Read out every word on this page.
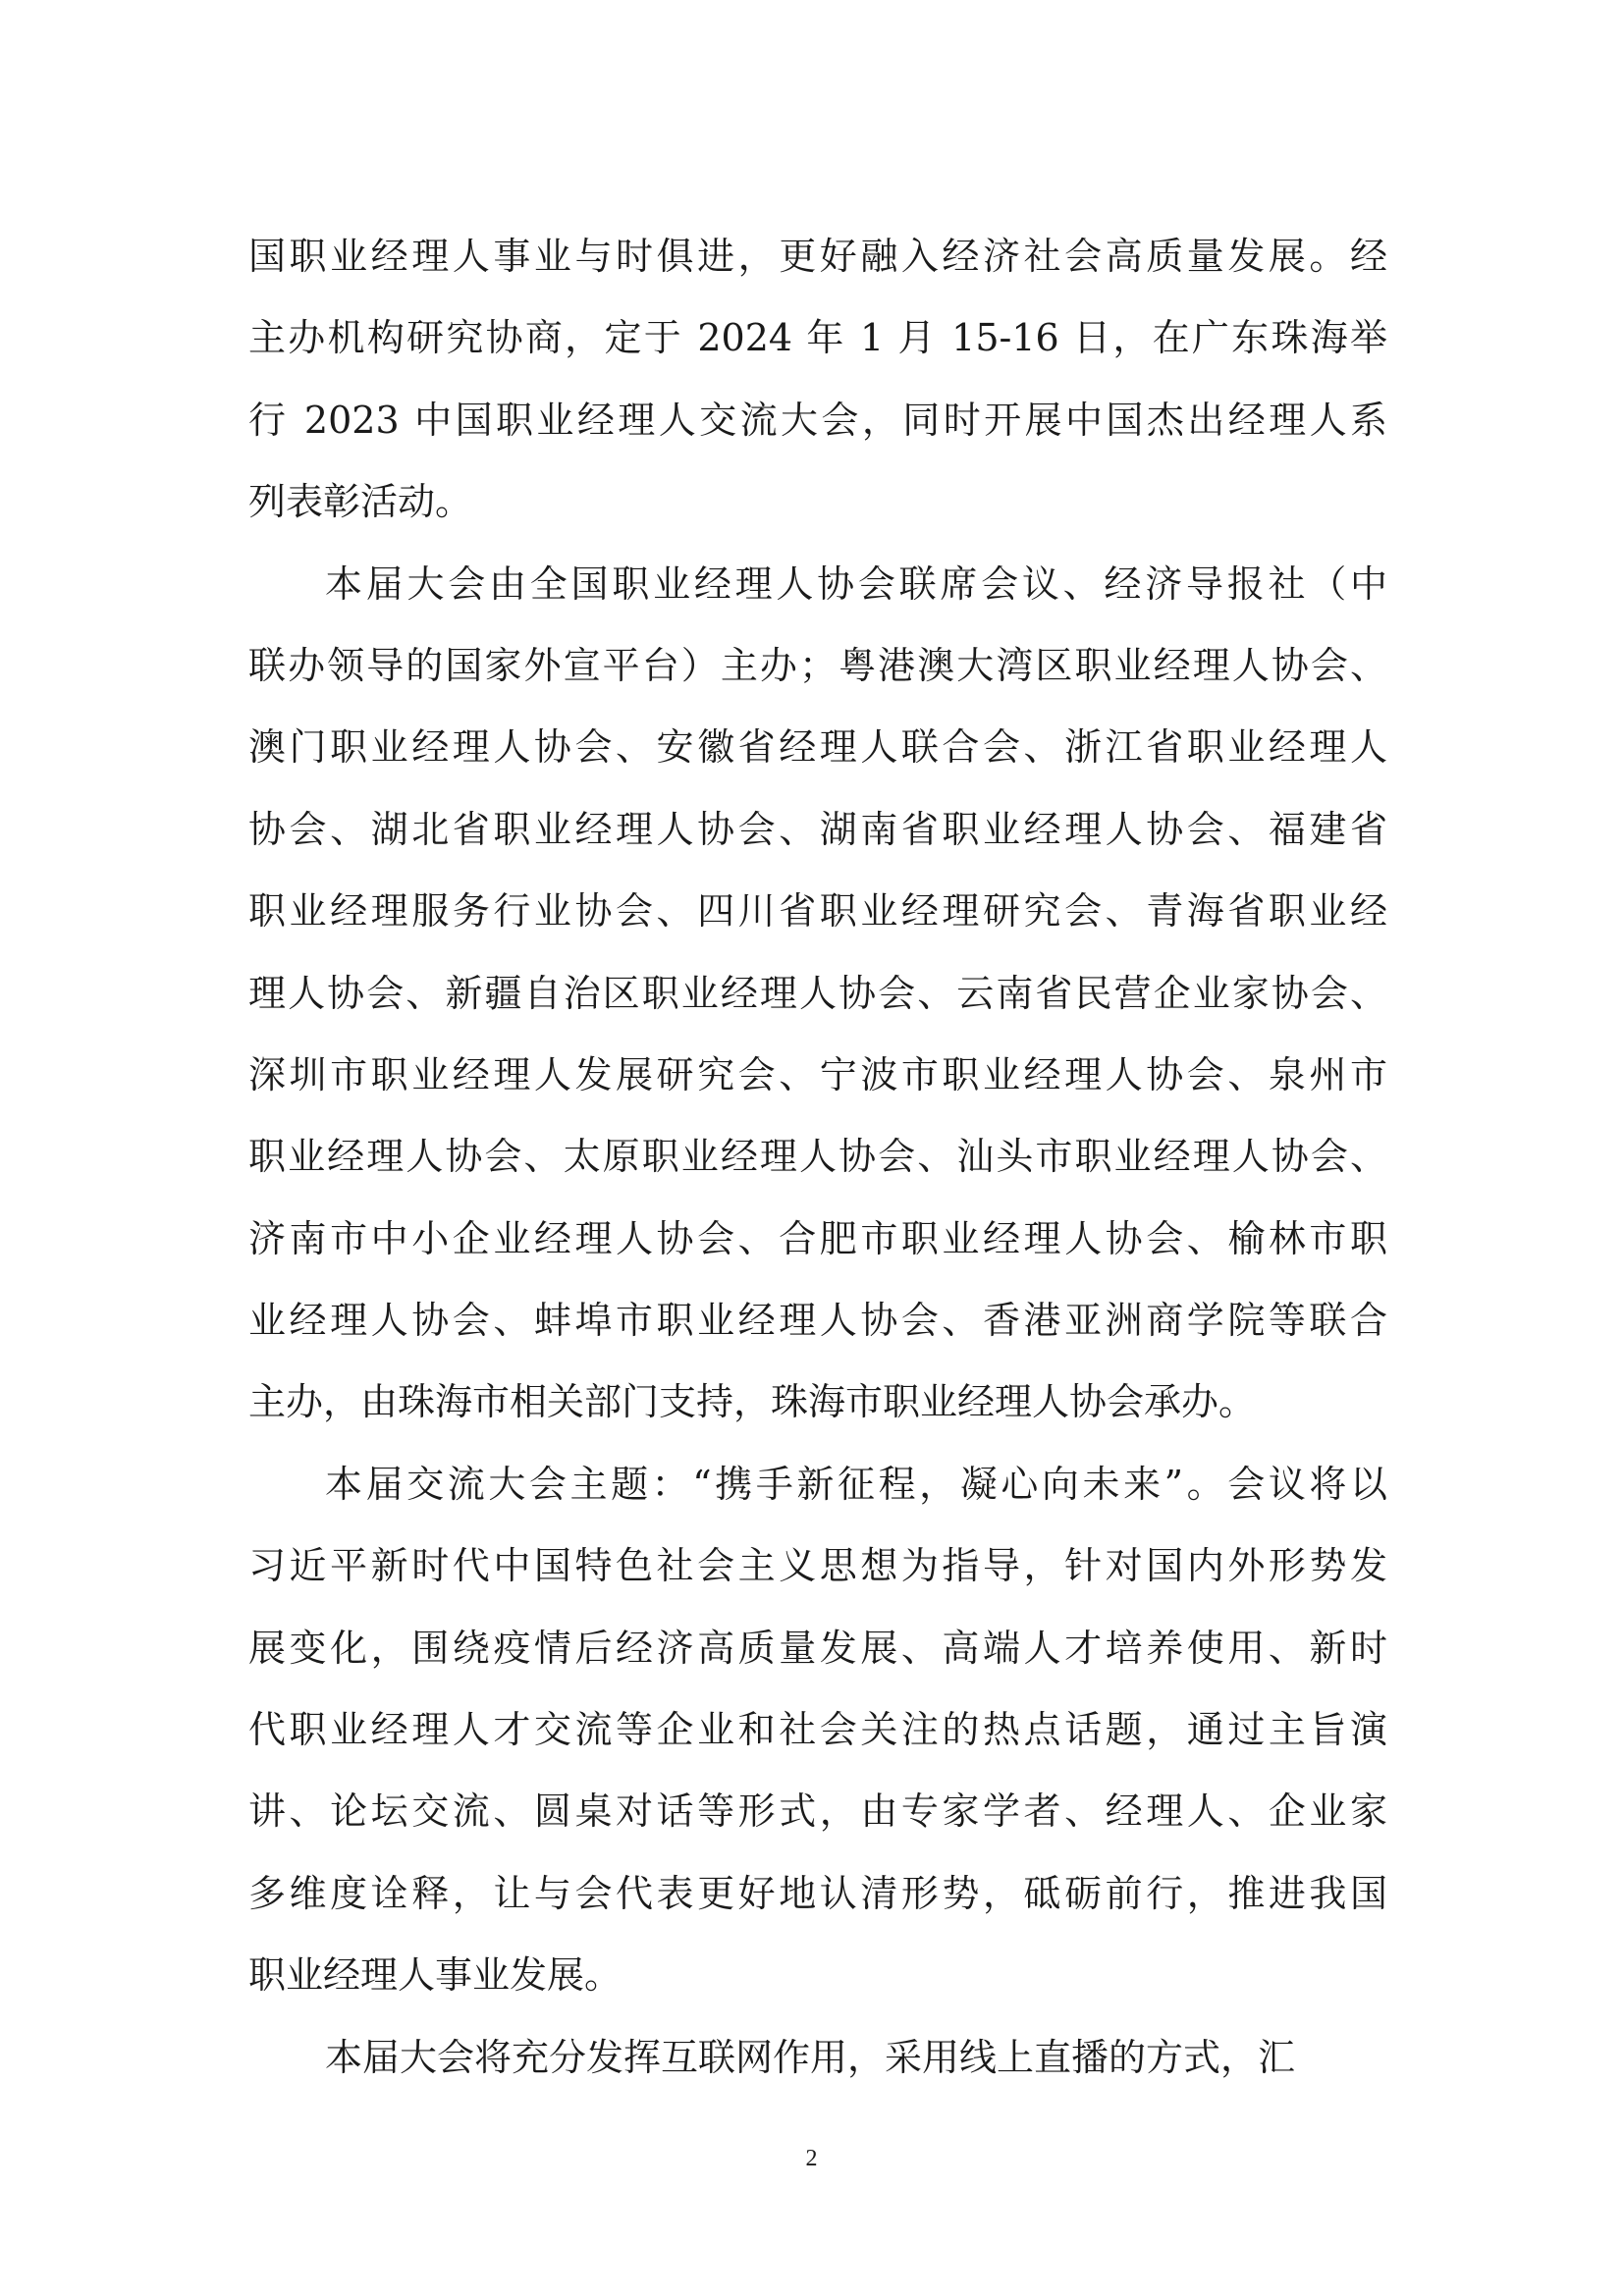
国职业经理人事业与时俱进，更好融入经济社会高质量发展。经
主办机构研究协商，定于 2024 年 1 月 15-16 日，在广东珠海举
行 2023 中国职业经理人交流大会，同时开展中国杰出经理人系
列表彰活动。
本届大会由全国职业经理人协会联席会议、经济导报社（中
联办领导的国家外宣平台）主办；粤港澳大湾区职业经理人协会、
澳门职业经理人协会、安徽省经理人联合会、浙江省职业经理人
协会、湖北省职业经理人协会、湖南省职业经理人协会、福建省
职业经理服务行业协会、四川省职业经理研究会、青海省职业经
理人协会、新疆自治区职业经理人协会、云南省民营企业家协会、
深圳市职业经理人发展研究会、宁波市职业经理人协会、泉州市
职业经理人协会、太原职业经理人协会、汕头市职业经理人协会、
济南市中小企业经理人协会、合肥市职业经理人协会、榆林市职
业经理人协会、蚌埠市职业经理人协会、香港亚洲商学院等联合
主办，由珠海市相关部门支持，珠海市职业经理人协会承办。
本届交流大会主题：“携手新征程，凝心向未来”。会议将以
习近平新时代中国特色社会主义思想为指导，针对国内外形势发
展变化，围绕疫情后经济高质量发展、高端人才培养使用、新时
代职业经理人才交流等企业和社会关注的热点话题，通过主旨演
讲、论坛交流、圆桌对话等形式，由专家学者、经理人、企业家
多维度诠释，让与会代表更好地认清形势，砥砺前行，推进我国
职业经理人事业发展。
本届大会将充分发挥互联网作用，采用线上直播的方式，汇
2
